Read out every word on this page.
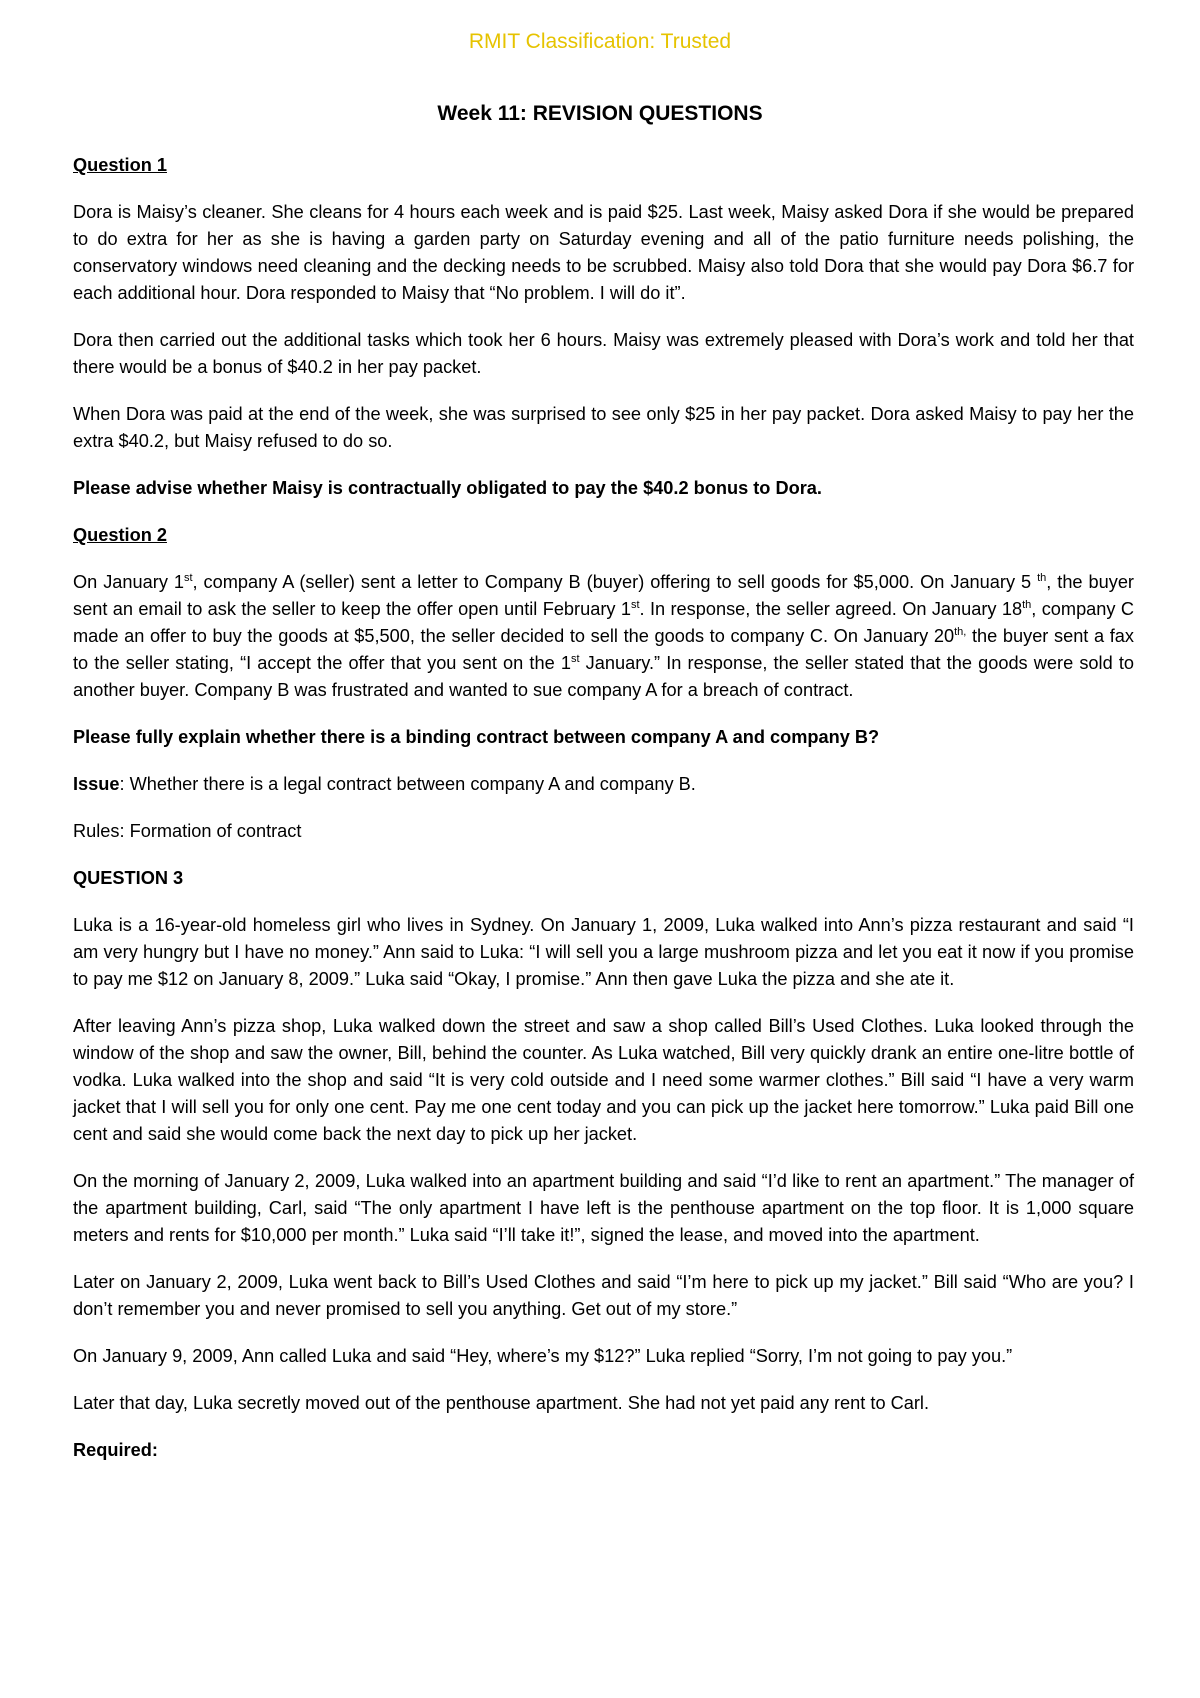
RMIT Classification: Trusted
Week 11: REVISION QUESTIONS

Question 1

Dora is Maisy’s cleaner. She cleans for 4 hours each week and is paid $25. Last week, Maisy asked Dora if she would be prepared to do extra for her as she is having a garden party on Saturday evening and all of the patio furniture needs polishing, the conservatory windows need cleaning and the decking needs to be scrubbed. Maisy also told Dora that she would pay Dora $6.7 for each additional hour. Dora responded to Maisy that “No problem. I will do it”.

Dora then carried out the additional tasks which took her 6 hours. Maisy was extremely pleased with Dora’s work and told her that there would be a bonus of $40.2 in her pay packet.

When Dora was paid at the end of the week, she was surprised to see only $25 in her pay packet. Dora asked Maisy to pay her the extra $40.2, but Maisy refused to do so.

Please advise whether Maisy is contractually obligated to pay the $40.2 bonus to Dora.

Question 2

On January 1st, company A (seller) sent a letter to Company B (buyer) offering to sell goods for $5,000. On January 5 $^{th}$, the buyer sent an email to ask the seller to keep the offer open until February 1st. In response, the seller agreed. On January 18th, company C made an offer to buy the goods at $5,500, the seller decided to sell the goods to company C. On January $20^{th,}$ the buyer sent a fax to the seller stating, “I accept the offer that you sent on the 1st January.” In response, the seller stated that the goods were sold to another buyer. Company B was frustrated and wanted to sue company A for a breach of contract.

Please fully explain whether there is a binding contract between company A and company B?

Issue: Whether there is a legal contract between company A and company B.

Rules: Formation of contract

QUESTION 3

Luka is a 16-year-old homeless girl who lives in Sydney. On January 1, 2009, Luka walked into Ann’s pizza restaurant and said “I am very hungry but I have no money.” Ann said to Luka: “I will sell you a large mushroom pizza and let you eat it now if you promise to pay me $12 on January 8, 2009.” Luka said “Okay, I promise.” Ann then gave Luka the pizza and she ate it.

After leaving Ann’s pizza shop, Luka walked down the street and saw a shop called Bill’s Used Clothes. Luka looked through the window of the shop and saw the owner, Bill, behind the counter. As Luka watched, Bill very quickly drank an entire one-litre bottle of vodka. Luka walked into the shop and said “It is very cold outside and I need some warmer clothes.” Bill said “I have a very warm jacket that I will sell you for only one cent. Pay me one cent today and you can pick up the jacket here tomorrow.” Luka paid Bill one cent and said she would come back the next day to pick up her jacket.

On the morning of January 2, 2009, Luka walked into an apartment building and said “I’d like to rent an apartment.” The manager of the apartment building, Carl, said “The only apartment I have left is the penthouse apartment on the top floor. It is 1,000 square meters and rents for $10,000 per month.” Luka said “I’ll take it!”, signed the lease, and moved into the apartment.

Later on January 2, 2009, Luka went back to Bill’s Used Clothes and said “I’m here to pick up my jacket.” Bill said “Who are you? I don’t remember you and never promised to sell you anything. Get out of my store.”

On January 9, 2009, Ann called Luka and said “Hey, where’s my $12?” Luka replied “Sorry, I’m not going to pay you.”

Later that day, Luka secretly moved out of the penthouse apartment. She had not yet paid any rent to Carl.

Required:
